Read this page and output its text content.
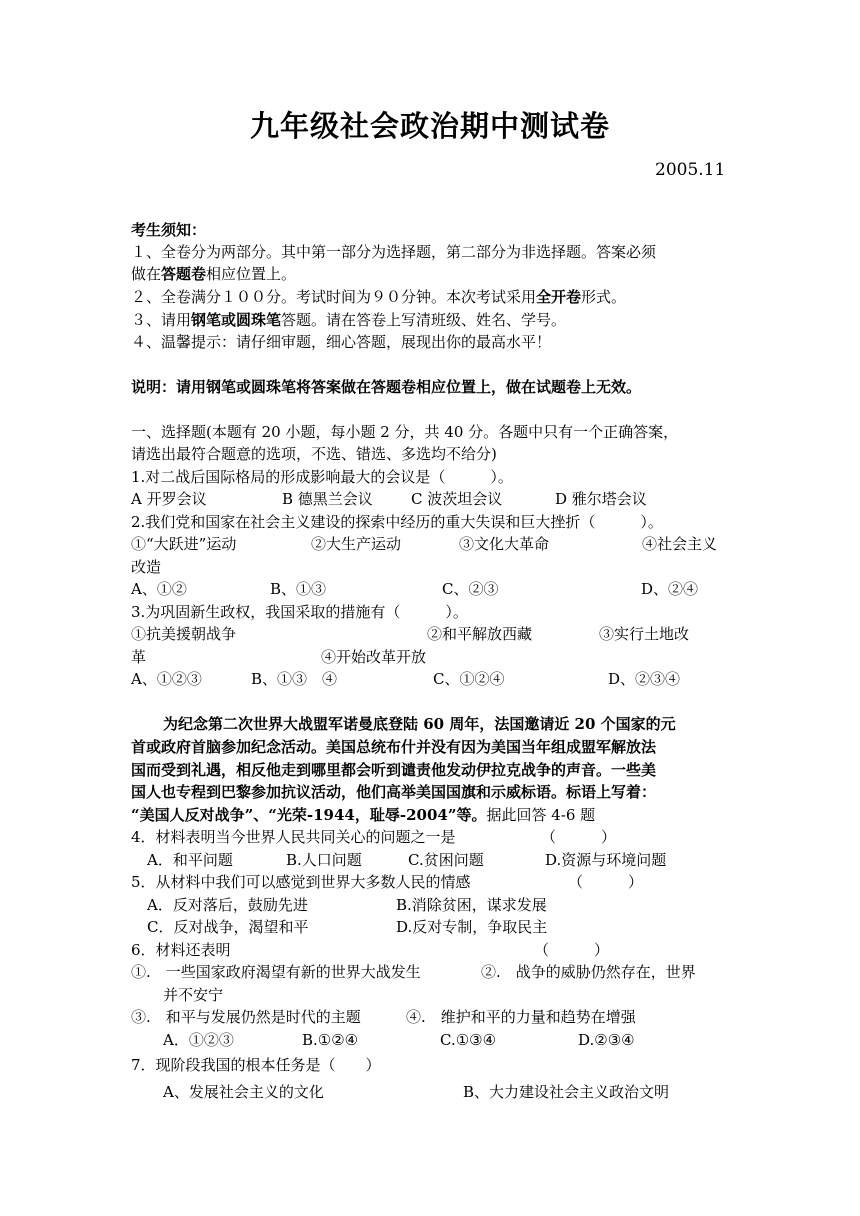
九年级社会政治期中测试卷
2005.11
考生须知：
１、全卷分为两部分。其中第一部分为选择题，第二部分为非选择题。答案必须
做在答题卷相应位置上。
２、全卷满分１００分。考试时间为９０分钟。本次考试采用全开卷形式。
３、请用钢笔或圆珠笔答题。请在答卷上写清班级、姓名、学号。
４、温馨提示：请仔细审题，细心答题，展现出你的最高水平！
说明：请用钢笔或圆珠笔将答案做在答题卷相应位置上，做在试题卷上无效。
一、选择题(本题有 20 小题，每小题 2 分，共 40 分。各题中只有一个正确答案，
请选出最符合题意的选项，不选、错选、多选均不给分)
1.对二战后国际格局的形成影响最大的会议是（　　　）。
A 开罗会议	B 德黑兰会议	C 波茨坦会议	D 雅尔塔会议
2.我们党和国家在社会主义建设的探索中经历的重大失误和巨大挫折（　　　）。
①“大跃进”运动	②大生产运动	③文化大革命	④社会主义
改造
A、①②	B、①③	C、②③	D、②④
3.为巩固新生政权，我国采取的措施有（　　　）。
①抗美援朝战争	②和平解放西藏	③实行土地改
革	④开始改革开放
A、①②③	B、①③　④	C、①②④	D、②③④
为纪念第二次世界大战盟军诺曼底登陆 60 周年，法国邀请近 20 个国家的元
首或政府首脑参加纪念活动。美国总统布什并没有因为美国当年组成盟军解放法
国而受到礼遇，相反他走到哪里都会听到谴责他发动伊拉克战争的声音。一些美
国人也专程到巴黎参加抗议活动，他们高举美国国旗和示威标语。标语上写着：
“美国人反对战争”、“光荣-1944，耻辱-2004”等。据此回答 4-6 题
4．材料表明当今世界人民共同关心的问题之一是	（　　　）
A．和平问题	B.人口问题	C.贫困问题	D.资源与环境问题
5．从材料中我们可以感觉到世界大多数人民的情感	（　　　）
A．反对落后，鼓励先进	B.消除贫困，谋求发展
C．反对战争，渴望和平	D.反对专制，争取民主
6．材料还表明	（　　　）
①.　一些国家政府渴望有新的世界大战发生	②.　战争的威胁仍然存在，世界
并不安宁
③.　和平与发展仍然是时代的主题	④.　维护和平的力量和趋势在增强
A．①②③	B.①②④	C.①③④	D.②③④
7．现阶段我国的根本任务是（　　）
A、发展社会主义的文化	B、大力建设社会主义政治文明
